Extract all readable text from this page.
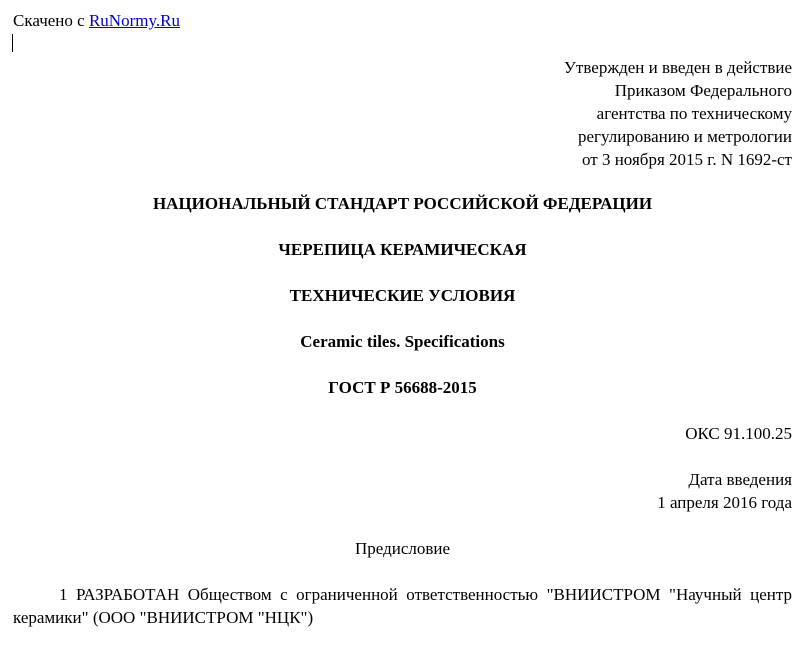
Скачено с RuNormy.Ru
Утвержден и введен в действие
Приказом Федерального
агентства по техническому
регулированию и метрологии
от 3 ноября 2015 г. N 1692-ст
НАЦИОНАЛЬНЫЙ СТАНДАРТ РОССИЙСКОЙ ФЕДЕРАЦИИ
ЧЕРЕПИЦА КЕРАМИЧЕСКАЯ
ТЕХНИЧЕСКИЕ УСЛОВИЯ
Ceramic tiles. Specifications
ГОСТ Р 56688-2015
ОКС 91.100.25
Дата введения
1 апреля 2016 года
Предисловие
1 РАЗРАБОТАН Обществом с ограниченной ответственностью "ВНИИСТРОМ "Научный центр керамики" (ООО "ВНИИСТРОМ "НЦК")
